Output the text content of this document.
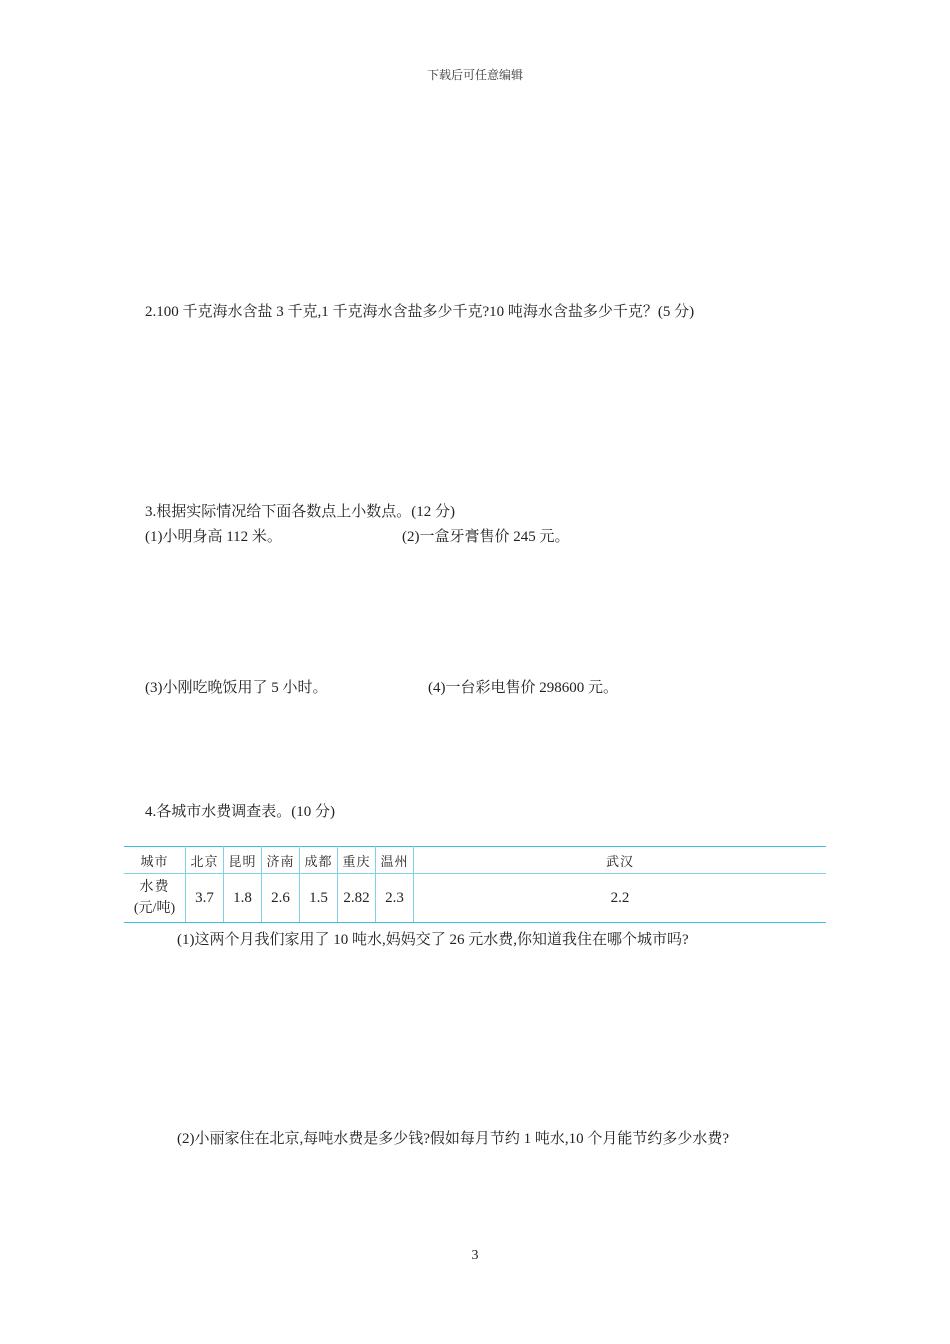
下载后可任意编辑
2.100 千克海水含盐 3 千克,1 千克海水含盐多少千克?10 吨海水含盐多少千克？(5 分)
3.根据实际情况给下面各数点上小数点。(12 分)
(1)小明身高 112 米。	(2)一盒牙膏售价 245 元。
(3)小刚吃晚饭用了 5 小时。	(4)一台彩电售价 298600 元。
4.各城市水费调查表。(10 分)
城市	北京	昆明	济南	成都	重庆	温州	武汉

水费
(元/吨)	3.7	1.8	2.6	1.5	2.82	2.3	2.2
(1)这两个月我们家用了 10 吨水,妈妈交了 26 元水费,你知道我住在哪个城市吗?
(2)小丽家住在北京,每吨水费是多少钱?假如每月节约 1 吨水,10 个月能节约多少水费?
3
